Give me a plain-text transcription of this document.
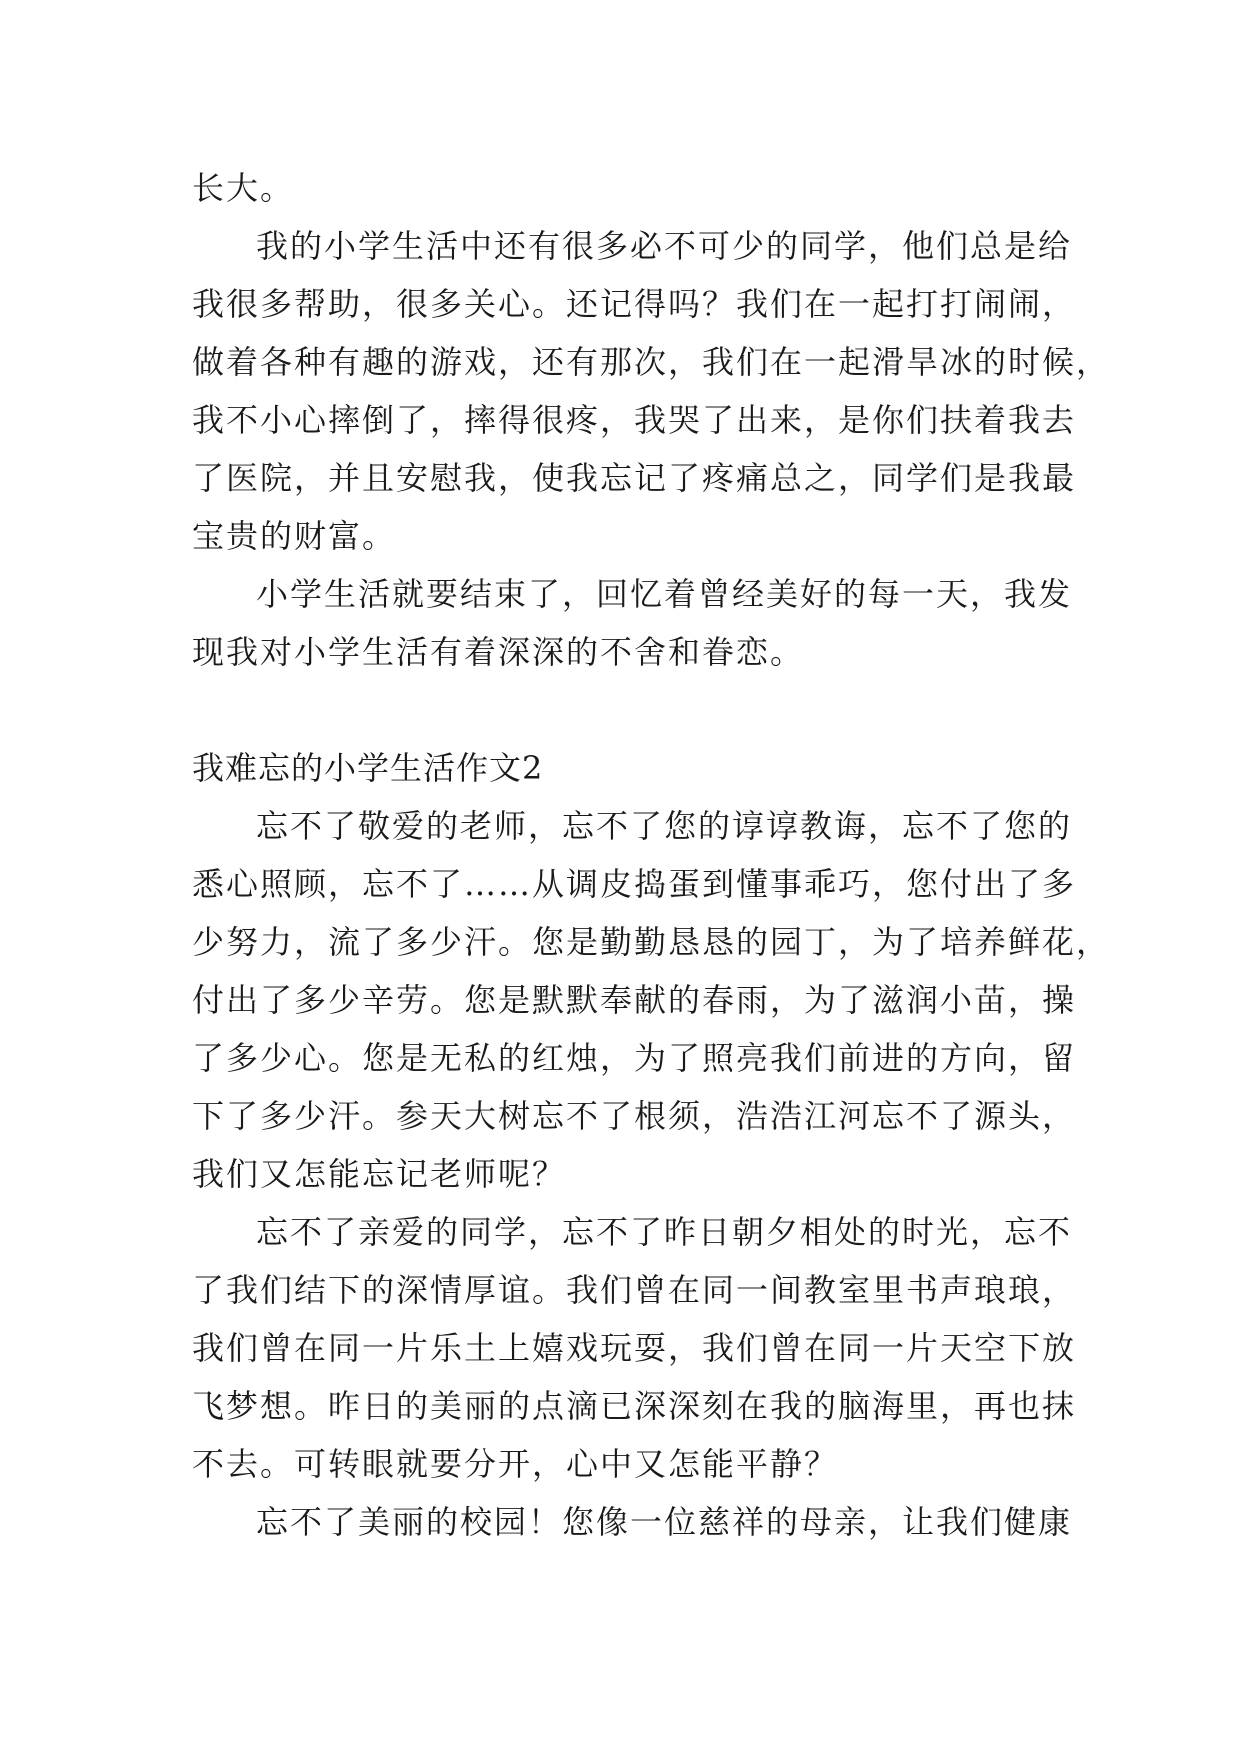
长大。
我的小学生活中还有很多必不可少的同学，他们总是给
我很多帮助，很多关心。还记得吗？我们在一起打打闹闹，
做着各种有趣的游戏，还有那次，我们在一起滑旱冰的时候，
我不小心摔倒了，摔得很疼，我哭了出来，是你们扶着我去
了医院，并且安慰我，使我忘记了疼痛总之，同学们是我最
宝贵的财富。
小学生活就要结束了，回忆着曾经美好的每一天，我发
现我对小学生活有着深深的不舍和眷恋。
我难忘的小学生活作文2
忘不了敬爱的老师，忘不了您的谆谆教诲，忘不了您的
悉心照顾，忘不了……从调皮捣蛋到懂事乖巧，您付出了多
少努力，流了多少汗。您是勤勤恳恳的园丁，为了培养鲜花，
付出了多少辛劳。您是默默奉献的春雨，为了滋润小苗，操
了多少心。您是无私的红烛，为了照亮我们前进的方向，留
下了多少汗。参天大树忘不了根须，浩浩江河忘不了源头，
我们又怎能忘记老师呢？
忘不了亲爱的同学，忘不了昨日朝夕相处的时光，忘不
了我们结下的深情厚谊。我们曾在同一间教室里书声琅琅，
我们曾在同一片乐土上嬉戏玩耍，我们曾在同一片天空下放
飞梦想。昨日的美丽的点滴已深深刻在我的脑海里，再也抹
不去。可转眼就要分开，心中又怎能平静？
忘不了美丽的校园！您像一位慈祥的母亲，让我们健康
